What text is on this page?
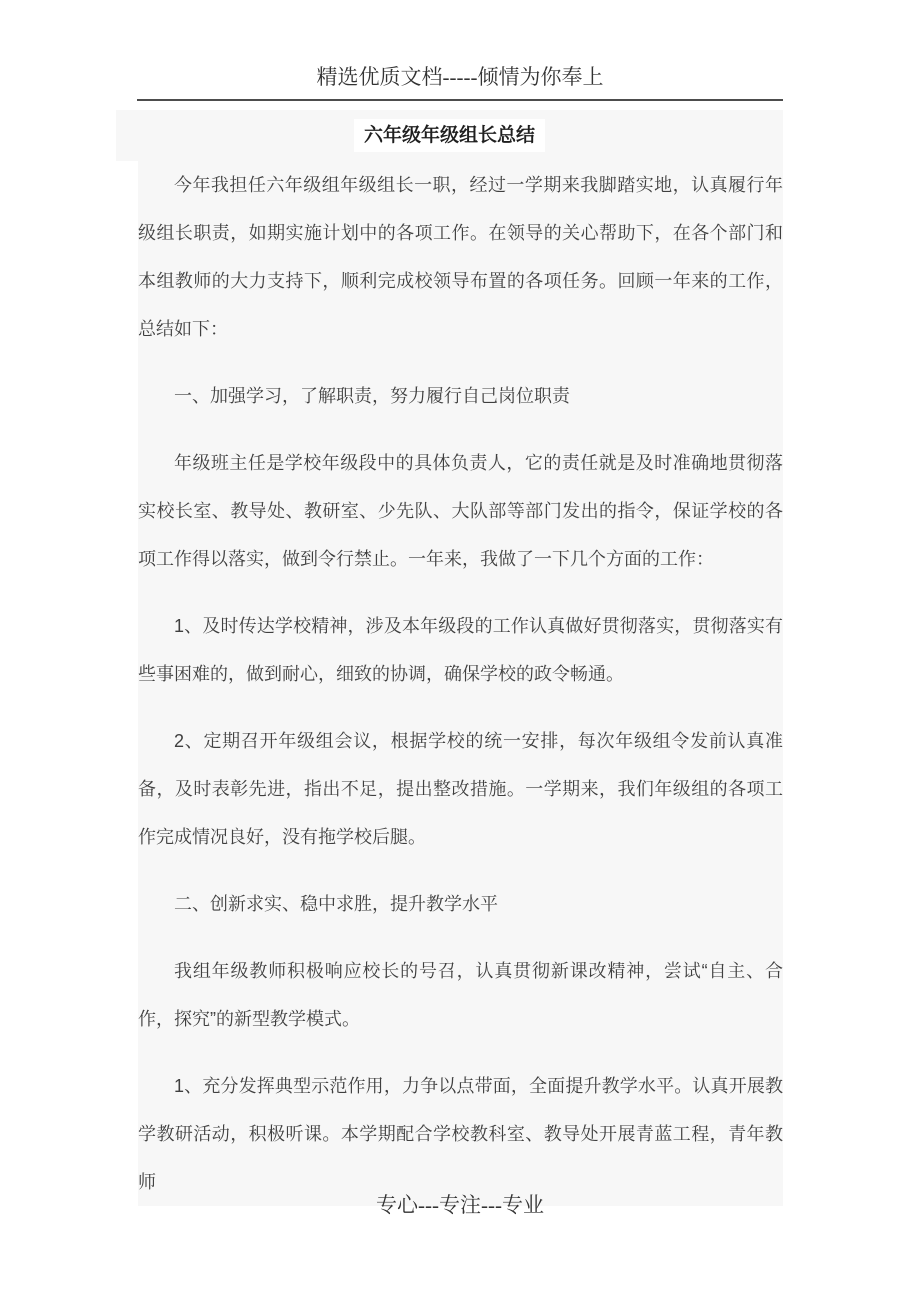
精选优质文档-----倾情为你奉上
六年级年级组长总结

今年我担任六年级组年级组长一职，经过一学期来我脚踏实地，认真履行年级组长职责，如期实施计划中的各项工作。在领导的关心帮助下，在各个部门和本组教师的大力支持下，顺利完成校领导布置的各项任务。回顾一年来的工作，总结如下：

一、加强学习，了解职责，努力履行自己岗位职责

年级班主任是学校年级段中的具体负责人，它的责任就是及时准确地贯彻落实校长室、教导处、教研室、少先队、大队部等部门发出的指令，保证学校的各项工作得以落实，做到令行禁止。一年来，我做了一下几个方面的工作：

1、及时传达学校精神，涉及本年级段的工作认真做好贯彻落实，贯彻落实有些事困难的，做到耐心，细致的协调，确保学校的政令畅通。

2、定期召开年级组会议，根据学校的统一安排，每次年级组令发前认真准备，及时表彰先进，指出不足，提出整改措施。一学期来，我们年级组的各项工作完成情况良好，没有拖学校后腿。

二、创新求实、稳中求胜，提升教学水平

我组年级教师积极响应校长的号召，认真贯彻新课改精神，尝试“自主、合作，探究”的新型教学模式。

1、充分发挥典型示范作用，力争以点带面，全面提升教学水平。认真开展教学教研活动，积极听课。本学期配合学校教科室、教导处开展青蓝工程，青年教师

专心---专注---专业
